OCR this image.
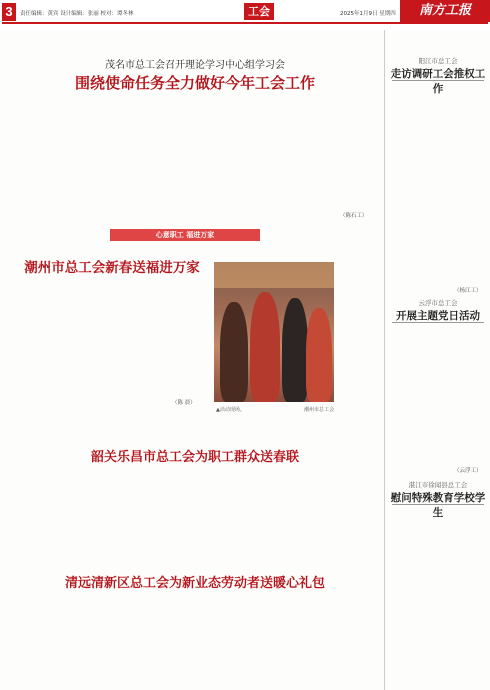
3	责任编辑：黄宾 设计编辑：张丽 校对：谭冬林	工会	2025年1月9日 星期四	南方工报
茂名市总工会召开理论学习中心组学习会
围绕使命任务全力做好今年工会工作
（陈石工）
心意职工 福进万家
潮州市总工会新春送福进万家
（陈 晨）
▲活动现场。	潮州市总工会
韶关乐昌市总工会为职工群众送春联
清远清新区总工会为新业态劳动者送暖心礼包
阳江市总工会
走访调研工会推权工作
（杨江工）
云浮市总工会
开展主题党日活动
（云浮工）
湛江市徐闻县总工会
慰问特殊教育学校学生
